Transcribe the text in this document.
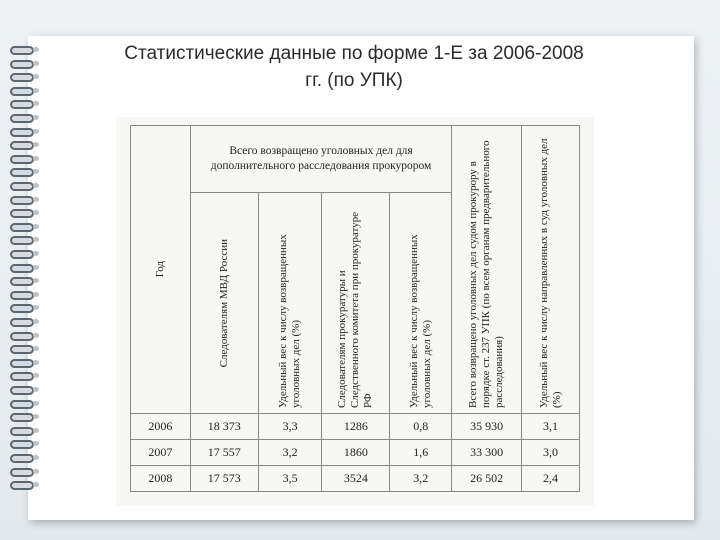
Статистические данные по форме 1-Е за 2006-2008
гг. (по УПК)
Год	Всего возвращено уголовных дел для дополнительного расследования прокурором				Всего возвращено уголовных дел судом прокурору в порядке ст. 237 УПК (по всем органам предварительного расследования)	Удельный вес к числу направленных в суд уголовных дел (%)

	Следователям МВД России	Удельный вес к числу возвращенных уголовных дел (%)	Следователям прокуратуры и Следственного комитета при прокуратуре РФ	Удельный вес к числу возвращенных уголовных дел (%)		

2006	18 373	3,3	1286	0,8	35 930	3,1
2007	17 557	3,2	1860	1,6	33 300	3,0
2008	17 573	3,5	3524	3,2	26 502	2,4
